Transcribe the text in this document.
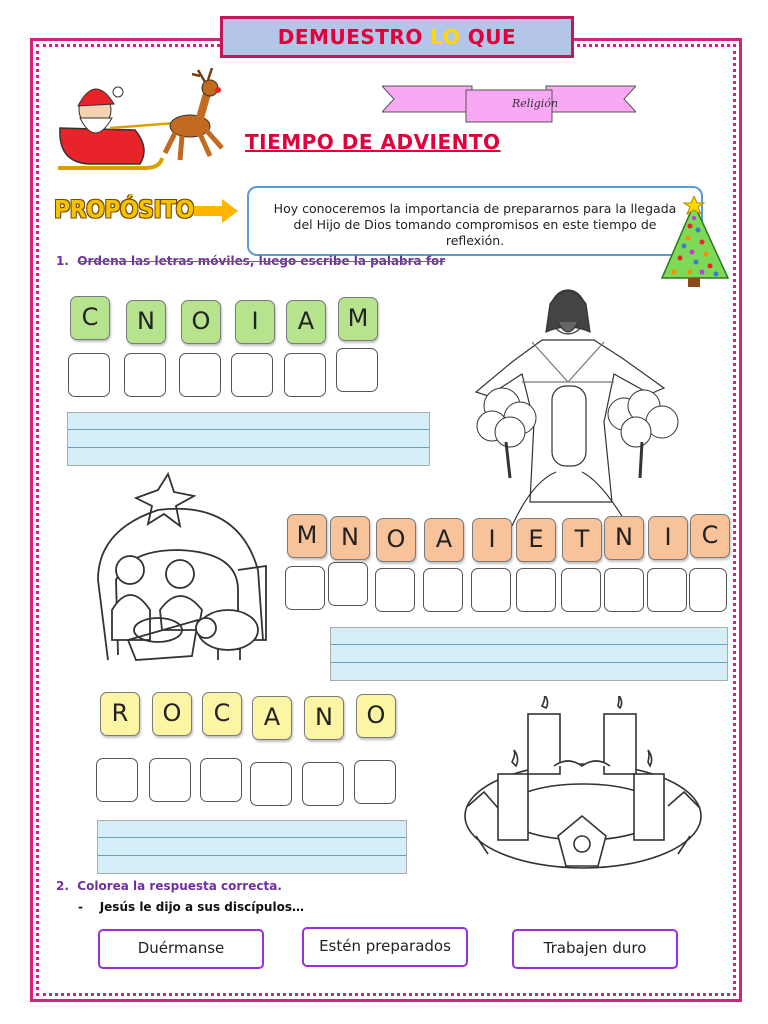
DEMUESTRO LO QUE
Religión
TIEMPO DE ADVIENTO
PROPÓSITO	Hoy conoceremos la importancia de prepararnos para la llegada del Hijo de Dios tomando compromisos en este tiempo de reflexión.
1. Ordena las letras móviles, luego escribe la palabra for
C	N	O	I	A	M
M N	O	A	I	E	T	N	I	C
R	O	C	A	N	O
2. Colorea la respuesta correcta.
- Jesús le dijo a sus discípulos…
Duérmanse	Estén preparados	Trabajen duro
